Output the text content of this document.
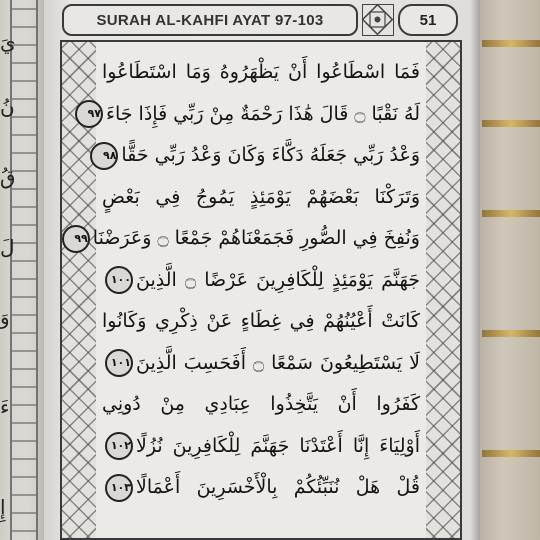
يَ
نُ
قُ
لَ
وَ
ءَ
إِ
SURAH AL-KAHFI AYAT 97-103	51
فَمَا اسْطَاعُوا أَنْ يَظْهَرُوهُ وَمَا اسْتَطَاعُوا
لَهُ نَقْبًا ۝ قَالَ هَٰذَا رَحْمَةٌ مِنْ رَبِّي فَإِذَا جَاءَ٩٧
وَعْدُ رَبِّي جَعَلَهُ دَكَّاءَ وَكَانَ وَعْدُ رَبِّي حَقًّا٩٨
وَتَرَكْنَا بَعْضَهُمْ يَوْمَئِذٍ يَمُوجُ فِي بَعْضٍ
وَنُفِخَ فِي الصُّورِ فَجَمَعْنَاهُمْ جَمْعًا ۝ وَعَرَضْنَا٩٩
جَهَنَّمَ يَوْمَئِذٍ لِلْكَافِرِينَ عَرْضًا ۝ الَّذِينَ١٠٠
كَانَتْ أَعْيُنُهُمْ فِي غِطَاءٍ عَنْ ذِكْرِي وَكَانُوا
لَا يَسْتَطِيعُونَ سَمْعًا ۝ أَفَحَسِبَ الَّذِينَ١٠١
كَفَرُوا أَنْ يَتَّخِذُوا عِبَادِي مِنْ دُونِي
أَوْلِيَاءَ إِنَّا أَعْتَدْنَا جَهَنَّمَ لِلْكَافِرِينَ نُزُلًا١٠٢
قُلْ هَلْ نُنَبِّئُكُمْ بِالْأَخْسَرِينَ أَعْمَالًا١٠٣
